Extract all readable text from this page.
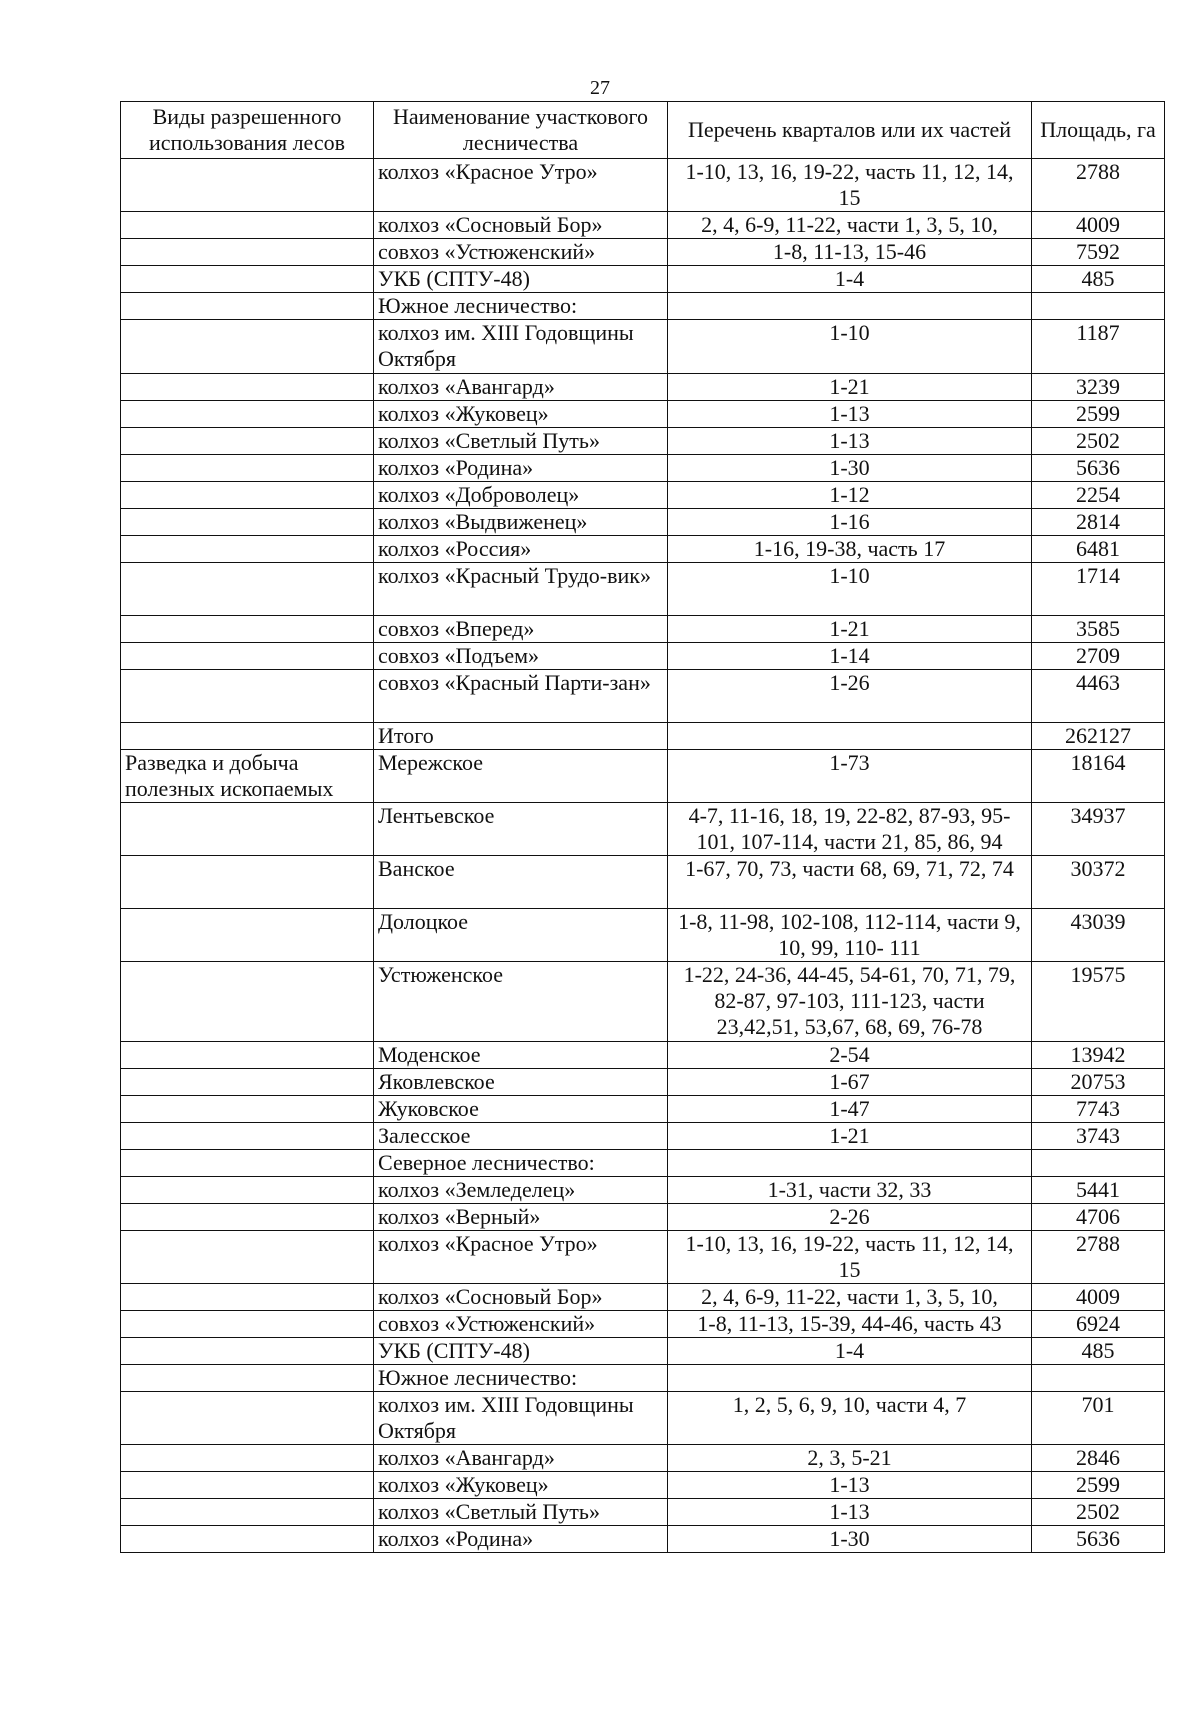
27
Виды разрешенного использования лесов	Наименование участкового лесничества	Перечень кварталов или их частей	Площадь, га
	колхоз «Красное Утро»	1-10, 13, 16, 19-22, часть 11, 12, 14, 15	2788
	колхоз «Сосновый Бор»	2, 4, 6-9, 11-22, части 1, 3, 5, 10,	4009
	совхоз «Устюженский»	1-8, 11-13, 15-46	7592
	УКБ (СПТУ-48)	1-4	485
	Южное лесничество:		
	колхоз им. XIII Годовщины Октября	1-10	1187
	колхоз «Авангард»	1-21	3239
	колхоз «Жуковец»	1-13	2599
	колхоз «Светлый Путь»	1-13	2502
	колхоз «Родина»	1-30	5636
	колхоз «Доброволец»	1-12	2254
	колхоз «Выдвиженец»	1-16	2814
	колхоз «Россия»	1-16, 19-38, часть 17	6481
	колхоз «Красный Трудо-вик»	1-10	1714
	совхоз «Вперед»	1-21	3585
	совхоз «Подъем»	1-14	2709
	совхоз «Красный Парти-зан»	1-26	4463
	Итого		262127
Разведка и добыча полезных ископаемых	Мережское	1-73	18164
	Лентьевское	4-7, 11-16, 18, 19, 22-82, 87-93, 95-101, 107-114, части 21, 85, 86, 94	34937
	Ванское	1-67, 70, 73, части 68, 69, 71, 72, 74	30372
	Долоцкое	1-8, 11-98, 102-108, 112-114, части 9, 10, 99, 110- 111	43039
	Устюженское	1-22, 24-36, 44-45, 54-61, 70, 71, 79, 82-87, 97-103, 111-123, части 23,42,51, 53,67, 68, 69, 76-78	19575
	Моденское	2-54	13942
	Яковлевское	1-67	20753
	Жуковское	1-47	7743
	Залесское	1-21	3743
	Северное лесничество:		
	колхоз «Земледелец»	1-31, части 32, 33	5441
	колхоз «Верный»	2-26	4706
	колхоз «Красное Утро»	1-10, 13, 16, 19-22, часть 11, 12, 14, 15	2788
	колхоз «Сосновый Бор»	2, 4, 6-9, 11-22, части 1, 3, 5, 10,	4009
	совхоз «Устюженский»	1-8, 11-13, 15-39, 44-46, часть 43	6924
	УКБ (СПТУ-48)	1-4	485
	Южное лесничество:		
	колхоз им. XIII Годовщины Октября	1, 2, 5, 6, 9, 10, части 4, 7	701
	колхоз «Авангард»	2, 3, 5-21	2846
	колхоз «Жуковец»	1-13	2599
	колхоз «Светлый Путь»	1-13	2502
	колхоз «Родина»	1-30	5636
